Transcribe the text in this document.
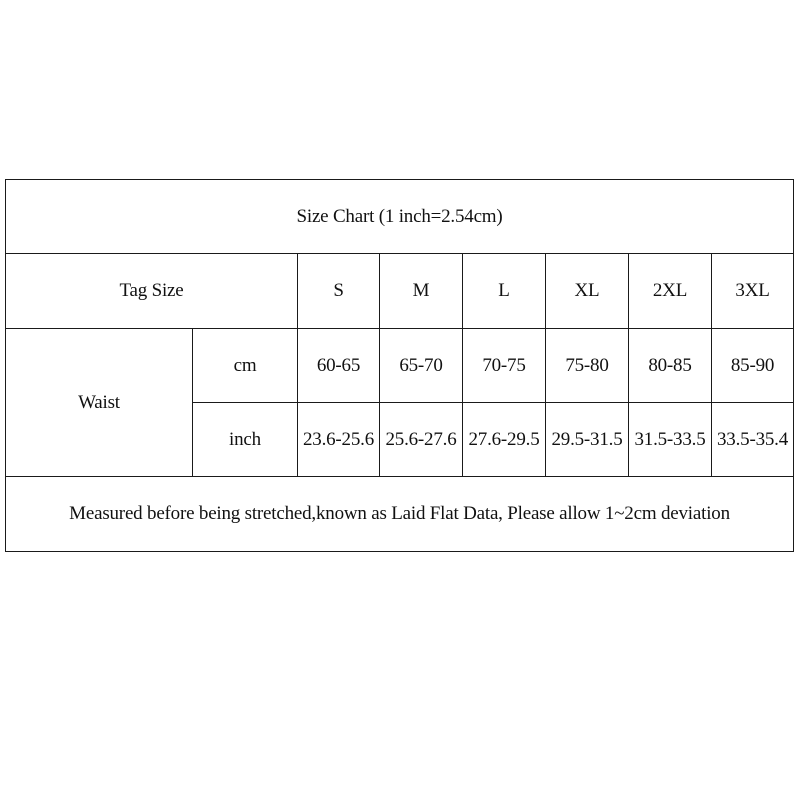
Size Chart (1 inch=2.54cm)							
Tag Size		S	M	L	XL	2XL	3XL
Waist	cm	60-65	65-70	70-75	75-80	80-85	85-90
	inch	23.6-25.6	25.6-27.6	27.6-29.5	29.5-31.5	31.5-33.5	33.5-35.4
Measured before being stretched,known as Laid Flat Data, Please allow 1~2cm deviation							
